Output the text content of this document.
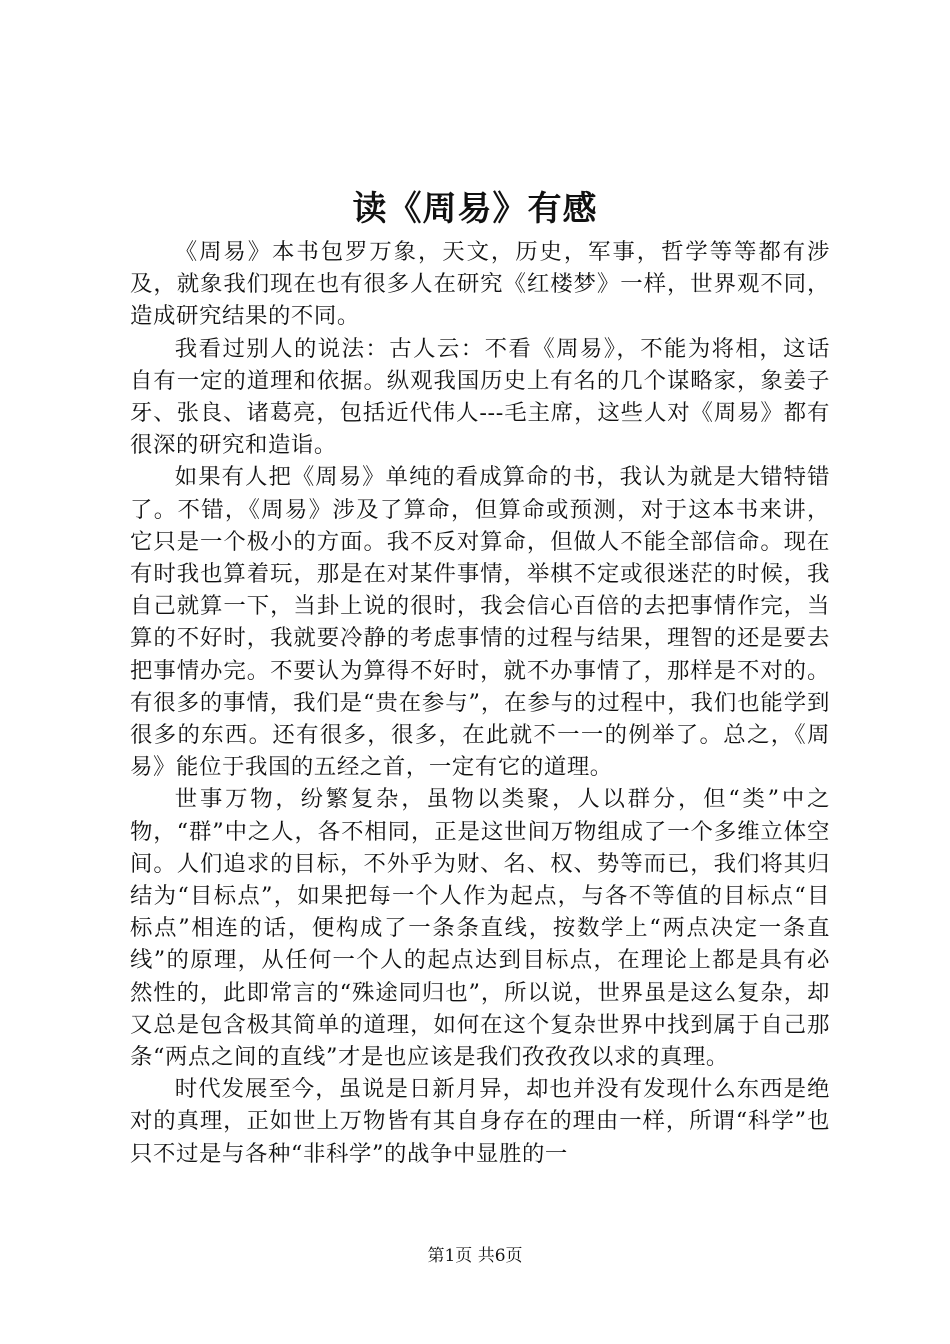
读《周易》有感

《周易》本书包罗万象，天文，历史，军事，哲学等等都有涉及，就象我们现在也有很多人在研究《红楼梦》一样，世界观不同，造成研究结果的不同。

我看过别人的说法：古人云：不看《周易》，不能为将相，这话自有一定的道理和依据。纵观我国历史上有名的几个谋略家，象姜子牙、张良、诸葛亮，包括近代伟人---毛主席，这些人对《周易》都有很深的研究和造诣。

如果有人把《周易》单纯的看成算命的书，我认为就是大错特错了。不错，《周易》涉及了算命，但算命或预测，对于这本书来讲，它只是一个极小的方面。我不反对算命，但做人不能全部信命。现在有时我也算着玩，那是在对某件事情，举棋不定或很迷茫的时候，我自己就算一下，当卦上说的很时，我会信心百倍的去把事情作完，当算的不好时，我就要冷静的考虑事情的过程与结果，理智的还是要去把事情办完。不要认为算得不好时，就不办事情了，那样是不对的。有很多的事情，我们是“贵在参与”，在参与的过程中，我们也能学到很多的东西。还有很多，很多，在此就不一一的例举了。总之，《周易》能位于我国的五经之首，一定有它的道理。

世事万物，纷繁复杂，虽物以类聚，人以群分，但“类”中之物，“群”中之人，各不相同，正是这世间万物组成了一个多维立体空间。人们追求的目标，不外乎为财、名、权、势等而已，我们将其归结为“目标点”，如果把每一个人作为起点，与各不等值的目标点“目标点”相连的话，便构成了一条条直线，按数学上“两点决定一条直线”的原理，从任何一个人的起点达到目标点，在理论上都是具有必然性的，此即常言的“殊途同归也”，所以说，世界虽是这么复杂，却又总是包含极其简单的道理，如何在这个复杂世界中找到属于自己那条“两点之间的直线”才是也应该是我们孜孜孜以求的真理。

时代发展至今，虽说是日新月异，却也并没有发现什么东西是绝对的真理，正如世上万物皆有其自身存在的理由一样，所谓“科学”也只不过是与各种“非科学”的战争中显胜的一

第1页 共6页
